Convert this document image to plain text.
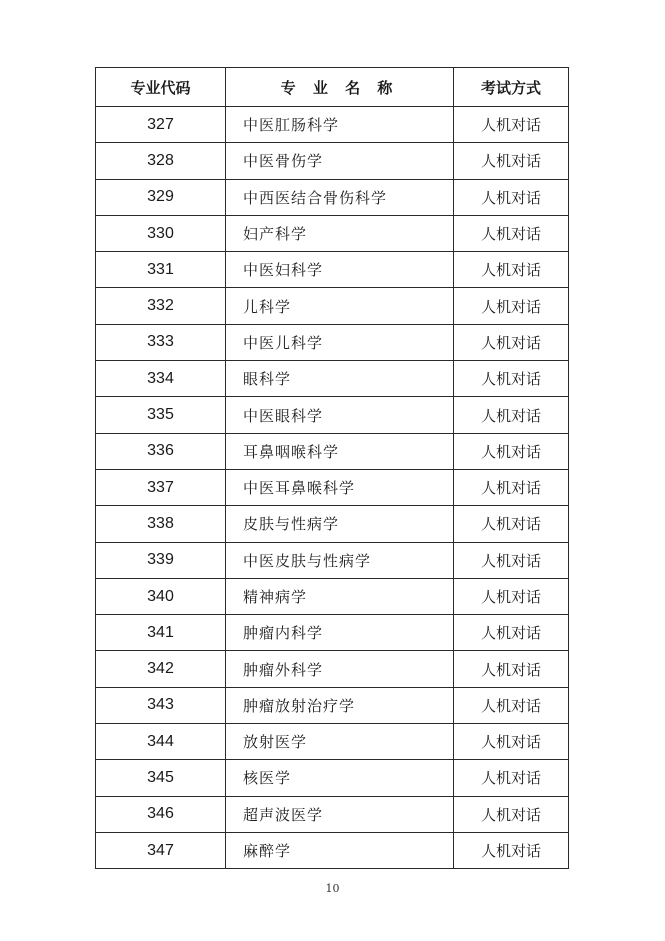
专业代码	专 业 名 称	考试方式
327	中医肛肠科学	人机对话
328	中医骨伤学	人机对话
329	中西医结合骨伤科学	人机对话
330	妇产科学	人机对话
331	中医妇科学	人机对话
332	儿科学	人机对话
333	中医儿科学	人机对话
334	眼科学	人机对话
335	中医眼科学	人机对话
336	耳鼻咽喉科学	人机对话
337	中医耳鼻喉科学	人机对话
338	皮肤与性病学	人机对话
339	中医皮肤与性病学	人机对话
340	精神病学	人机对话
341	肿瘤内科学	人机对话
342	肿瘤外科学	人机对话
343	肿瘤放射治疗学	人机对话
344	放射医学	人机对话
345	核医学	人机对话
346	超声波医学	人机对话
347	麻醉学	人机对话
10
